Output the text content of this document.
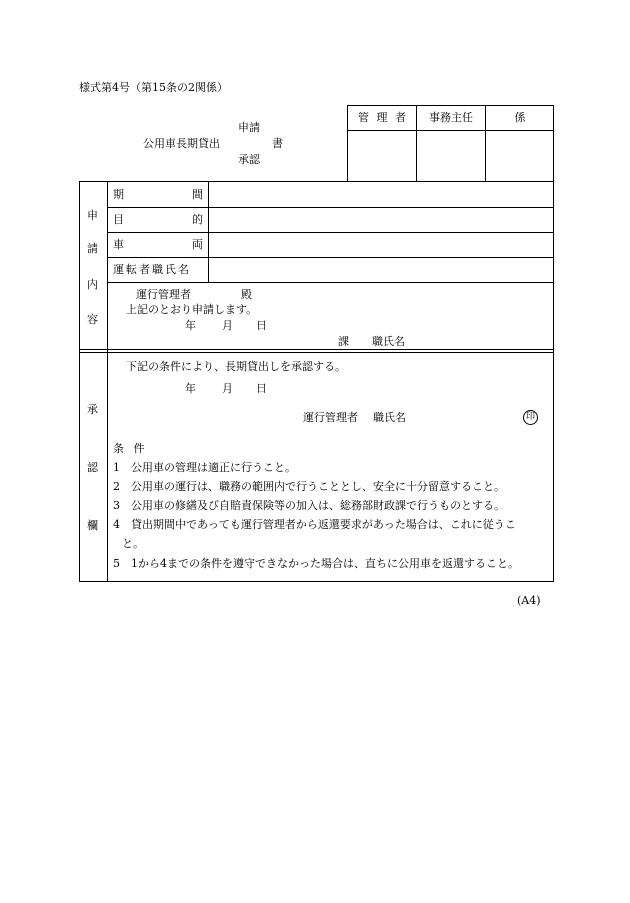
様式第4号（第15条の2関係）
申請
公用車長期貸出	書
承認
管 理 者	事務主任	係
申
請
内
容
期	間
目	的
車	両
運転者職氏名
運行管理者	殿
上記のとおり申請します。
年 月 日
課 職氏名
承
認
欄
下記の条件により、長期貸出しを承認する。
年 月 日
運行管理者 職氏名	印
条 件
1 公用車の管理は適正に行うこと。
2 公用車の運行は、職務の範囲内で行うこととし、安全に十分留意すること。
3 公用車の修繕及び自賠責保険等の加入は、総務部財政課で行うものとする。
4 貸出期間中であっても運行管理者から返還要求があった場合は、これに従うこ
と。
5 1から4までの条件を遵守できなかった場合は、直ちに公用車を返還すること。
(A4)
